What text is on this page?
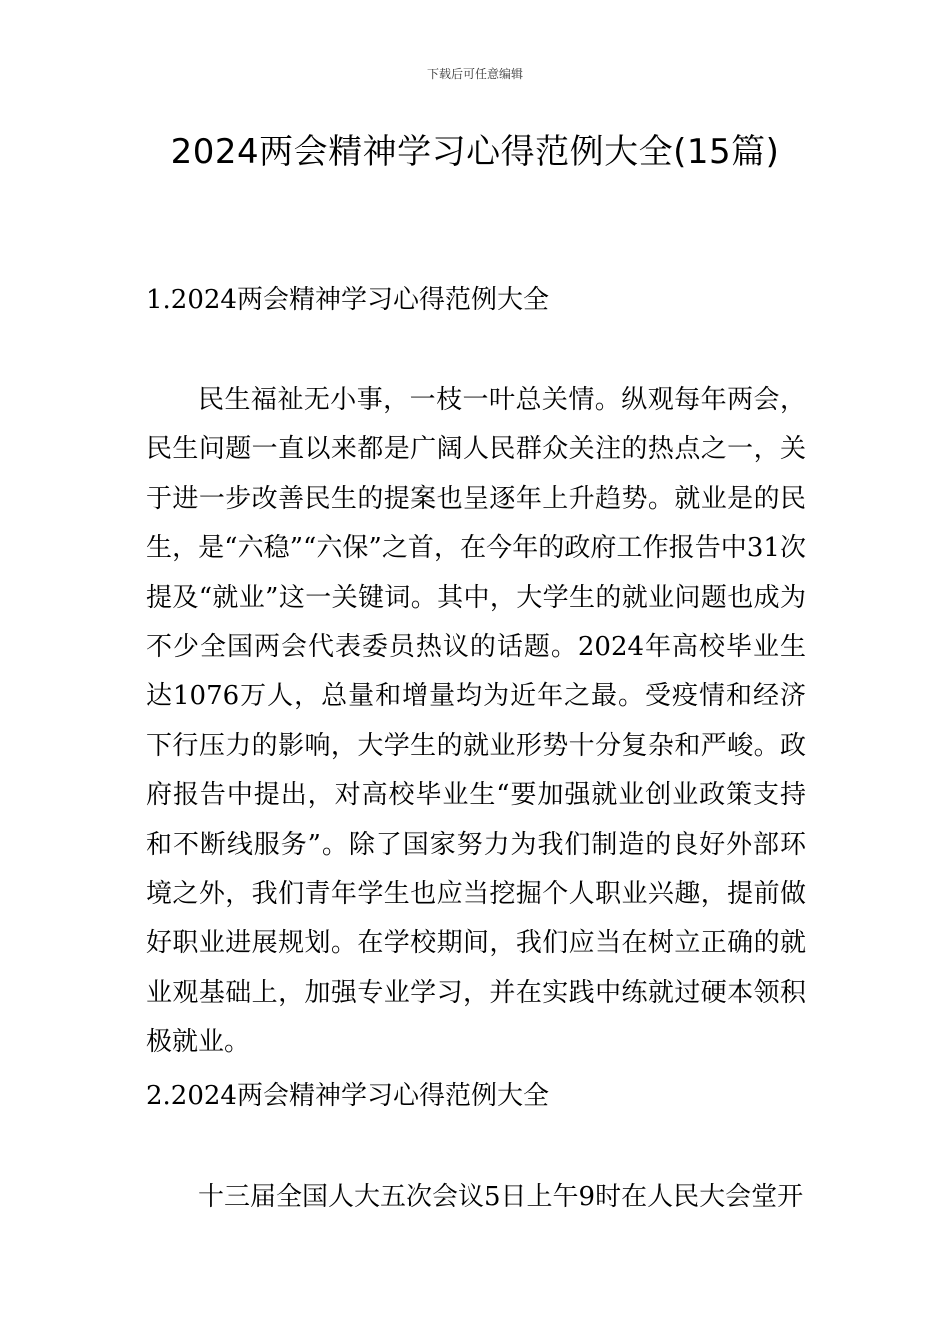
下载后可任意编辑
2024两会精神学习心得范例大全(15篇)
1.2024两会精神学习心得范例大全

民生福祉无小事，一枝一叶总关情。纵观每年两会，民生问题一直以来都是广阔人民群众关注的热点之一，关于进一步改善民生的提案也呈逐年上升趋势。就业是的民生，是“六稳”“六保”之首，在今年的政府工作报告中31次提及“就业”这一关键词。其中，大学生的就业问题也成为不少全国两会代表委员热议的话题。2024年高校毕业生达1076万人，总量和增量均为近年之最。受疫情和经济下行压力的影响，大学生的就业形势十分复杂和严峻。政府报告中提出，对高校毕业生“要加强就业创业政策支持和不断线服务”。除了国家努力为我们制造的良好外部环境之外，我们青年学生也应当挖掘个人职业兴趣，提前做好职业进展规划。在学校期间，我们应当在树立正确的就业观基础上，加强专业学习，并在实践中练就过硬本领积极就业。

2.2024两会精神学习心得范例大全

十三届全国人大五次会议5日上午9时在人民大会堂开
